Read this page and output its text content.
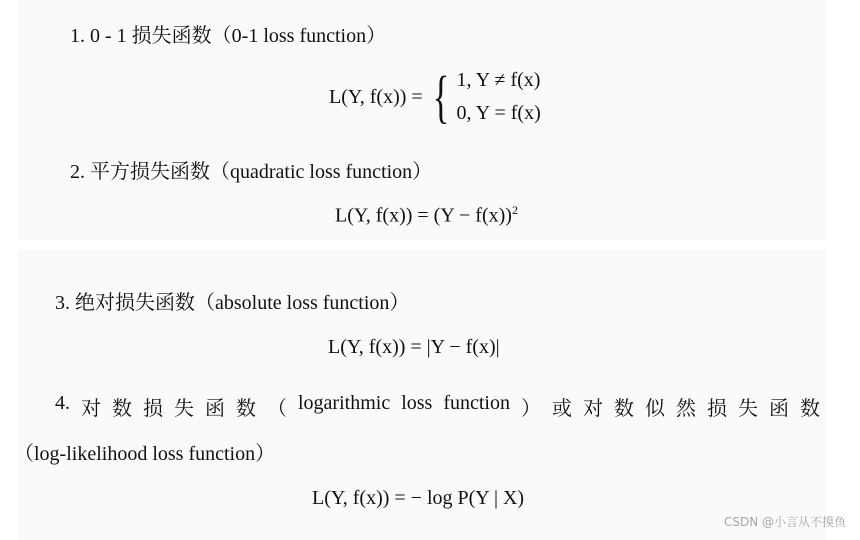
1. 0 - 1 损失函数（0-1 loss function）
L(Y, f(x)) = { 1, Y ≠ f(x)
0, Y = f(x)
2. 平方损失函数（quadratic loss function）
L(Y, $f(x)) = (Y - f(x))^2$
3. 绝对损失函数（absolute loss function）
L(Y, f(x)) = |Y − f(x)|
4. 对 数 损 失 函 数 （ logarithmic loss function ） 或 对 数 似 然 损 失 函 数
（log-likelihood loss function）
L(Y, f(x)) = − log P(Y | X)
CSDN @小言从不摸鱼
